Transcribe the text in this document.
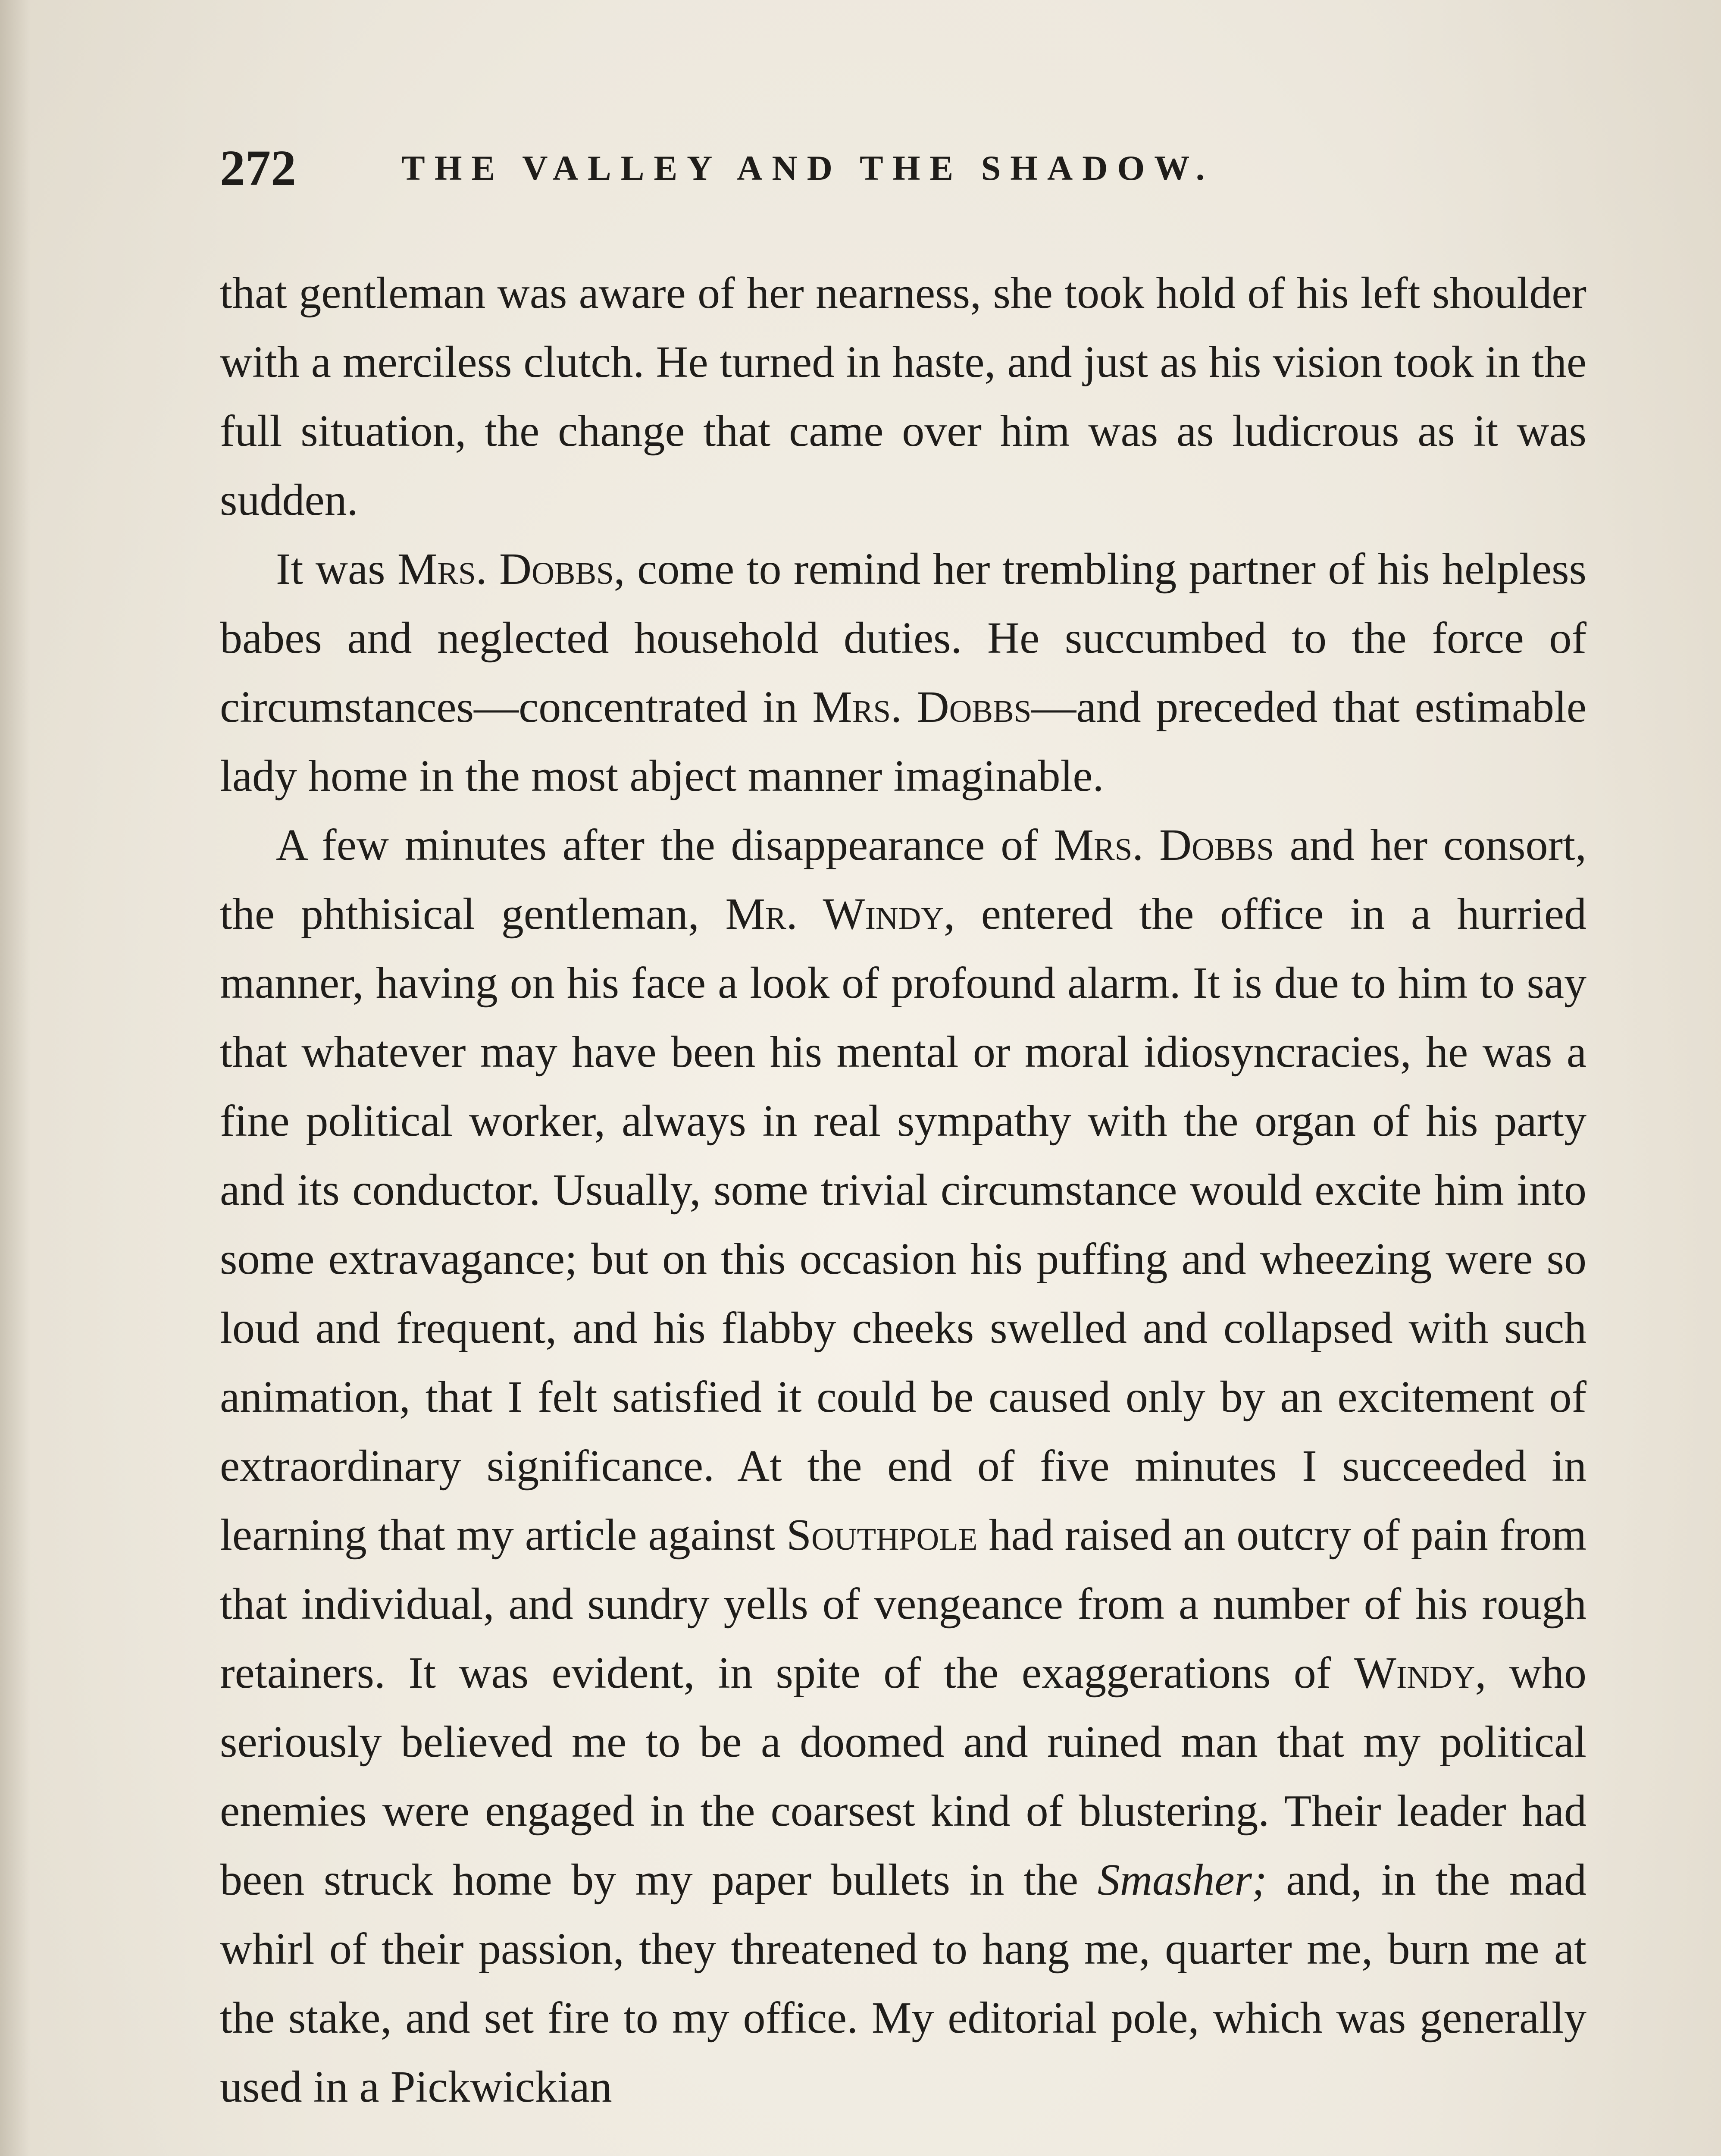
272	THE VALLEY AND THE SHADOW.

that gentleman was aware of her nearness, she took hold of his left shoulder with a merciless clutch. He turned in haste, and just as his vision took in the full situation, the change that came over him was as ludicrous as it was sudden.

It was Mrs. Dobbs, come to remind her trembling partner of his helpless babes and neglected household duties. He succumbed to the force of circumstances—concentrated in Mrs. Dobbs—and preceded that estimable lady home in the most abject manner imaginable.

A few minutes after the disappearance of Mrs. Dobbs and her consort, the phthisical gentleman, Mr. Windy, entered the office in a hurried manner, having on his face a look of profound alarm. It is due to him to say that whatever may have been his mental or moral idiosyncracies, he was a fine political worker, always in real sympathy with the organ of his party and its conductor. Usually, some trivial circumstance would excite him into some extravagance; but on this occasion his puffing and wheezing were so loud and frequent, and his flabby cheeks swelled and collapsed with such animation, that I felt satisfied it could be caused only by an excitement of extraordinary significance. At the end of five minutes I succeeded in learning that my article against Southpole had raised an outcry of pain from that individual, and sundry yells of vengeance from a number of his rough retainers. It was evident, in spite of the exaggerations of Windy, who seriously believed me to be a doomed and ruined man that my political enemies were engaged in the coarsest kind of blustering. Their leader had been struck home by my paper bullets in the Smasher; and, in the mad whirl of their passion, they threatened to hang me, quarter me, burn me at the stake, and set fire to my office. My editorial pole, which was generally used in a Pickwickian
